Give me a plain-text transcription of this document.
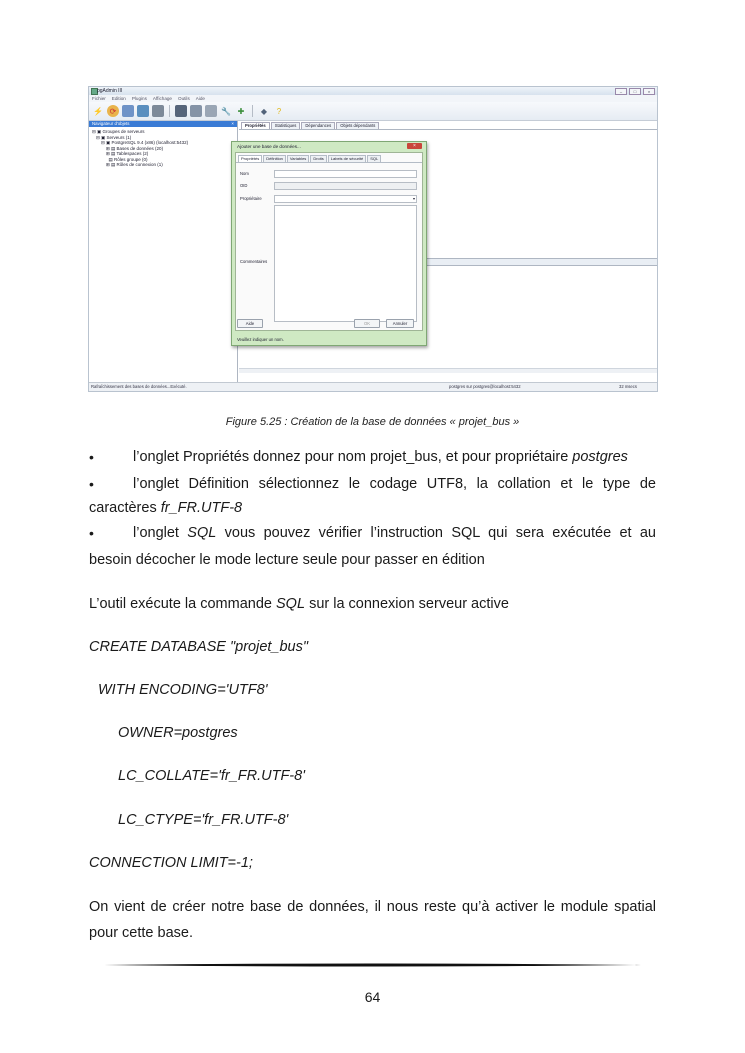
pgAdmin III	–	□	×
Fichier Edition Plugins Affichage Outils Aide
⚡ ⟳	🔧 ✚	◆	?
Navigateur d'objets	×
⊟ ▣ Groupes de serveurs
⊟ ▣ Serveurs (1)
⊟ ▣ PostgreSQL 9.4 (x86) (localhost:5432)
⊞ ▤ Bases de données (20)
⊞ ▤ Tablespaces (2)
▤ Rôles groupe (0)
⊞ ▤ Rôles de connexion (1)
Propriétés	Statistiques	Dépendances	Objets dépendants
Ajouter une base de données...	×
Propriétés	Définition	Variables	Droits	Labels de sécurité	SQL
Nom
OID
Propriétaire	▾
Commentaires
Aide	OK	Annuler
Veuillez indiquer un nom.
Rafraîchissement des bases de données...Exécuté.	postgres sur postgres@localhost:5432	32 msecs
Figure 5.25 : Création de la base de données « projet_bus »
•	l’onglet Propriétés donnez pour nom projet_bus, et pour propriétaire postgres
•	l’onglet Définition sélectionnez le codage UTF8, la collation et le type de
caractères fr_FR.UTF-8
•	l’onglet SQL vous pouvez vérifier l’instruction SQL qui sera exécutée et au
besoin décocher le mode lecture seule pour passer en édition
L’outil exécute la commande SQL sur la connexion serveur active
CREATE DATABASE "projet_bus"
WITH ENCODING='UTF8'
OWNER=postgres
LC_COLLATE='fr_FR.UTF-8'
LC_CTYPE='fr_FR.UTF-8'
CONNECTION LIMIT=-1;
On vient de créer notre base de données, il nous reste qu’à activer le module spatial
pour cette base.
64
